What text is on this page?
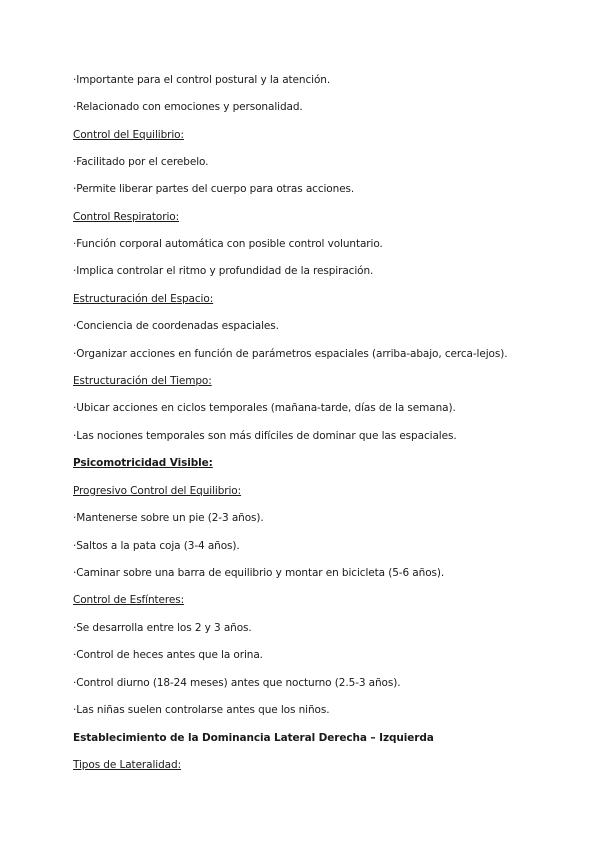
·Importante para el control postural y la atención.
·Relacionado con emociones y personalidad.
Control del Equilibrio:
·Facilitado por el cerebelo.
·Permite liberar partes del cuerpo para otras acciones.
Control Respiratorio:
·Función corporal automática con posible control voluntario.
·Implica controlar el ritmo y profundidad de la respiración.
Estructuración del Espacio:
·Conciencia de coordenadas espaciales.
·Organizar acciones en función de parámetros espaciales (arriba-abajo, cerca-lejos).
Estructuración del Tiempo:
·Ubicar acciones en ciclos temporales (mañana-tarde, días de la semana).
·Las nociones temporales son más difíciles de dominar que las espaciales.
Psicomotricidad Visible:
Progresivo Control del Equilibrio:
·Mantenerse sobre un pie (2-3 años).
·Saltos a la pata coja (3-4 años).
·Caminar sobre una barra de equilibrio y montar en bicicleta (5-6 años).
Control de Esfínteres:
·Se desarrolla entre los 2 y 3 años.
·Control de heces antes que la orina.
·Control diurno (18-24 meses) antes que nocturno (2.5-3 años).
·Las niñas suelen controlarse antes que los niños.
Establecimiento de la Dominancia Lateral Derecha – Izquierda
Tipos de Lateralidad:
